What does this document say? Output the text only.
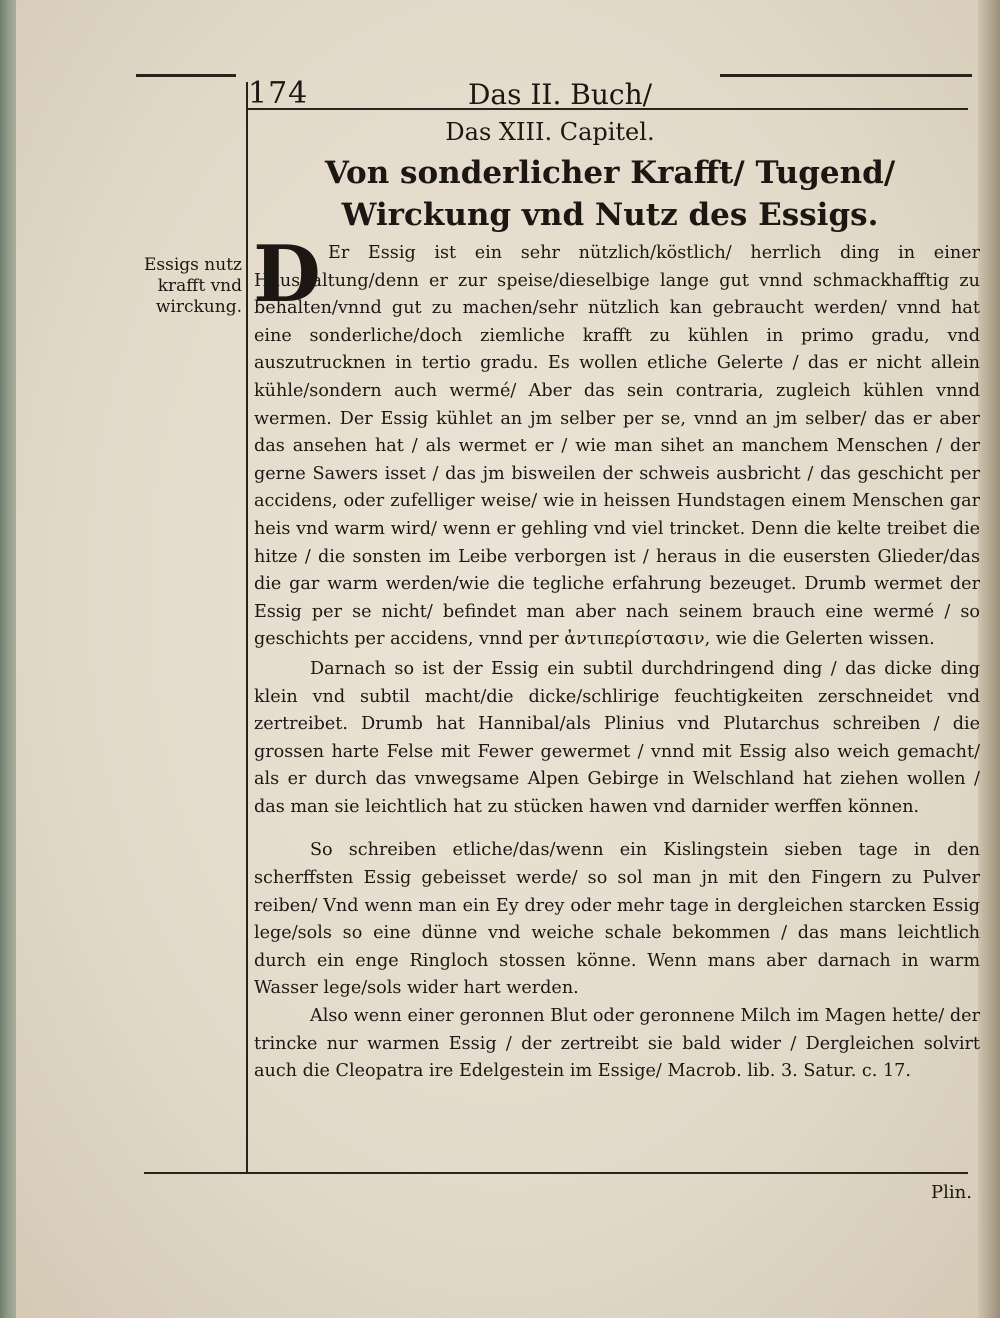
174	Das II. Buch/
Das XIII. Capitel.
Von sonderlicher Krafft/ Tugend/ Wirckung vnd Nutz des Essigs.
Essigs nutz krafft vnd wirckung. D Er Essig ist ein sehr nützlich/köstlich/ herrlich ding in einer Haushaltung/denn er zur speise/dieselbige lange gut vnnd schmackhafftig zu behalten/vnnd gut zu machen/sehr nützlich kan gebraucht werden/ vnnd hat eine sonderliche/doch ziemliche krafft zu kühlen in primo gradu, vnd auszutrucknen in tertio gradu. Es wollen etliche Gelerte / das er nicht allein kühle/sondern auch wermé/ Aber das sein contraria, zugleich kühlen vnnd wermen. Der Essig kühlet an jm selber per se, vnnd an jm selber/ das er aber das ansehen hat / als wermet er / wie man sihet an manchem Menschen / der gerne Sawers isset / das jm bisweilen der schweis ausbricht / das geschicht per accidens, oder zufelliger weise/ wie in heissen Hundstagen einem Menschen gar heis vnd warm wird/ wenn er gehling vnd viel trincket. Denn die kelte treibet die hitze / die sonsten im Leibe verborgen ist / heraus in die eusersten Glieder/das die gar warm werden/wie die tegliche erfahrung bezeuget. Drumb wermet der Essig per se nicht/ befindet man aber nach seinem brauch eine wermé / so geschichts per accidens, vnnd per ἀντιπερίστασιν, wie die Gelerten wissen.

Darnach so ist der Essig ein subtil durchdringend ding / das dicke ding klein vnd subtil macht/die dicke/schlirige feuchtigkeiten zerschneidet vnd zertreibet. Drumb hat Hannibal/als Plinius vnd Plutarchus schreiben / die grossen harte Felse mit Fewer gewermet / vnnd mit Essig also weich gemacht/ als er durch das vnwegsame Alpen Gebirge in Welschland hat ziehen wollen / das man sie leichtlich hat zu stücken hawen vnd darnider werffen können.

So schreiben etliche/das/wenn ein Kislingstein sieben tage in den scherffsten Essig gebeisset werde/ so sol man jn mit den Fingern zu Pulver reiben/ Vnd wenn man ein Ey drey oder mehr tage in dergleichen starcken Essig lege/sols so eine dünne vnd weiche schale bekommen / das mans leichtlich durch ein enge Ringloch stossen könne. Wenn mans aber darnach in warm Wasser lege/sols wider hart werden.

Also wenn einer geronnen Blut oder geronnene Milch im Magen hette/ der trincke nur warmen Essig / der zertreibt sie bald wider / Dergleichen solvirt auch die Cleopatra ire Edelgestein im Essige/ Macrob. lib. 3. Satur. c. 17.

Plin.
